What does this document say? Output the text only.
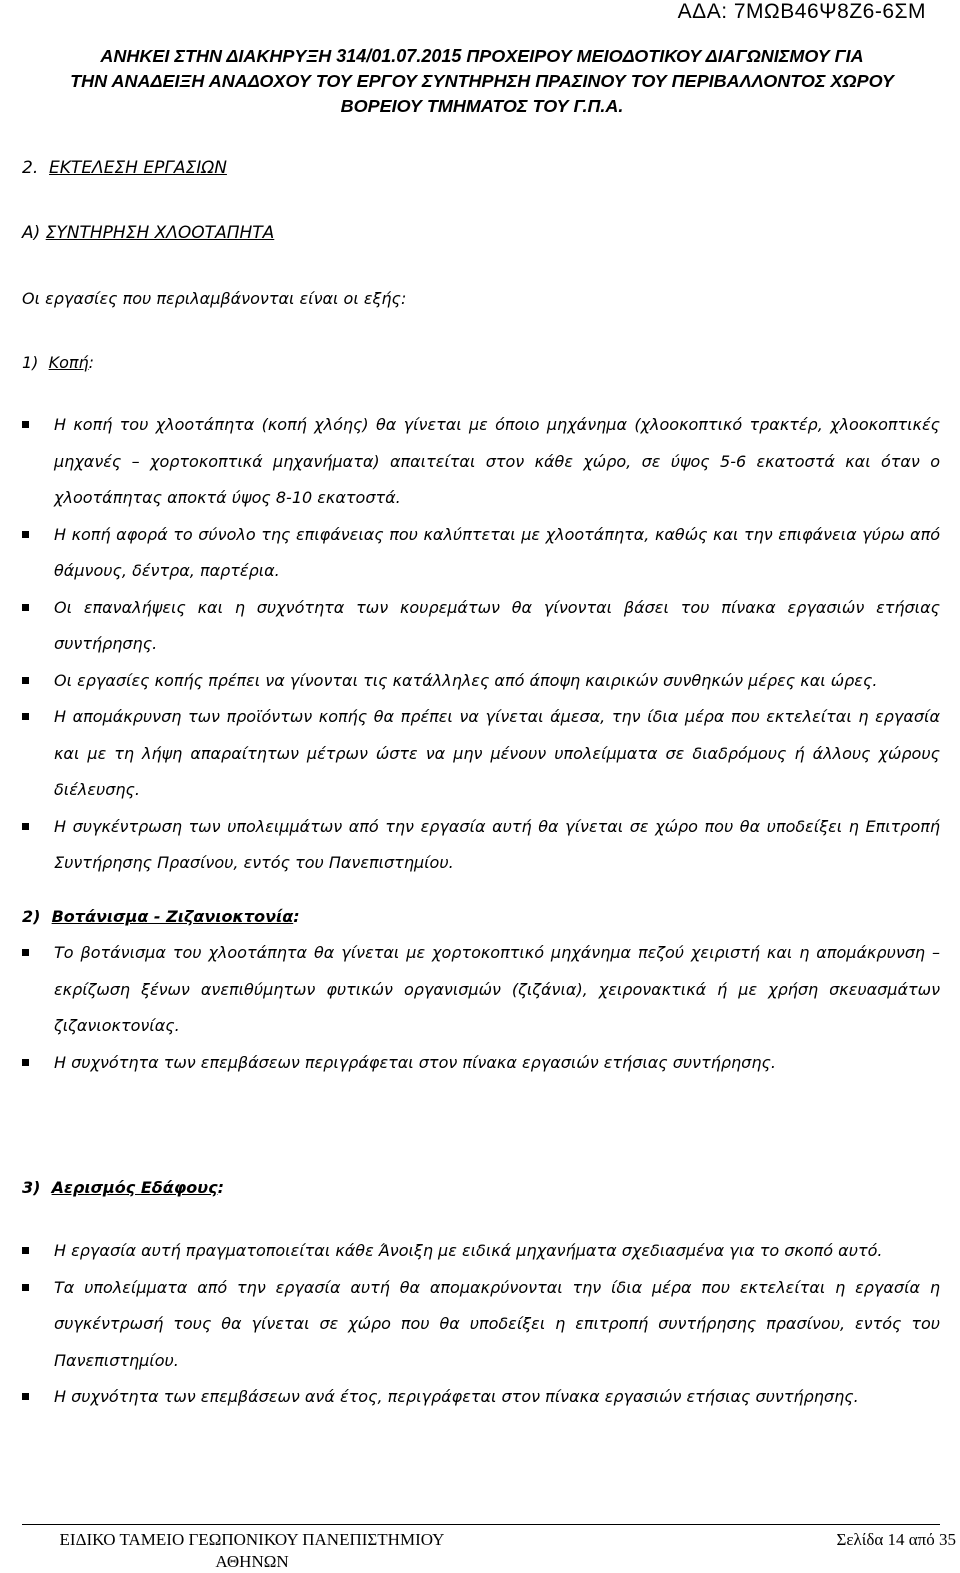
ΑΔΑ: 7ΜΩΒ46Ψ8Ζ6-6ΣΜ
ΑΝΗΚΕΙ ΣΤΗΝ ΔΙΑΚΗΡΥΞΗ 314/01.07.2015 ΠΡΟΧΕΙΡΟΥ ΜΕΙΟΔΟΤΙΚΟΥ ΔΙΑΓΩΝΙΣΜΟΥ ΓΙΑ
ΤΗΝ ΑΝΑΔΕΙΞΗ ΑΝΑΔΟΧΟΥ ΤΟΥ ΕΡΓΟΥ ΣΥΝΤΗΡΗΣΗ ΠΡΑΣΙΝΟΥ ΤΟΥ ΠΕΡΙΒΑΛΛΟΝΤΟΣ ΧΩΡΟΥ
ΒΟΡΕΙΟΥ ΤΜΗΜΑΤΟΣ ΤΟΥ Γ.Π.Α.
2. ΕΚΤΕΛΕΣΗ ΕΡΓΑΣΙΩΝ
Α) ΣΥΝΤΗΡΗΣΗ ΧΛΟΟΤΑΠΗΤΑ
Οι εργασίες που περιλαμβάνονται είναι οι εξής:
1) Κοπή:
Η κοπή του χλοοτάπητα (κοπή χλόης) θα γίνεται με όποιο μηχάνημα (χλοοκοπτικό τρακτέρ, χλοοκοπτικές μηχανές – χορτοκοπτικά μηχανήματα) απαιτείται στον κάθε χώρο, σε ύψος 5-6 εκατοστά και όταν ο χλοοτάπητας αποκτά ύψος 8-10 εκατοστά.
Η κοπή αφορά το σύνολο της επιφάνειας που καλύπτεται με χλοοτάπητα, καθώς και την επιφάνεια γύρω από θάμνους, δέντρα, παρτέρια.
Οι επαναλήψεις και η συχνότητα των κουρεμάτων θα γίνονται βάσει του πίνακα εργασιών ετήσιας συντήρησης.
Οι εργασίες κοπής πρέπει να γίνονται τις κατάλληλες από άποψη καιρικών συνθηκών μέρες και ώρες.
Η απομάκρυνση των προϊόντων κοπής θα πρέπει να γίνεται άμεσα, την ίδια μέρα που εκτελείται η εργασία και με τη λήψη απαραίτητων μέτρων ώστε να μην μένουν υπολείμματα σε διαδρόμους ή άλλους χώρους διέλευσης.
Η συγκέντρωση των υπολειμμάτων από την εργασία αυτή θα γίνεται σε χώρο που θα υποδείξει η Επιτροπή Συντήρησης Πρασίνου, εντός του Πανεπιστημίου.
2) Βοτάνισμα - Ζιζανιοκτονία:
Το βοτάνισμα του χλοοτάπητα θα γίνεται με χορτοκοπτικό μηχάνημα πεζού χειριστή και η απομάκρυνση – εκρίζωση ξένων ανεπιθύμητων φυτικών οργανισμών (ζιζάνια), χειρονακτικά ή με χρήση σκευασμάτων ζιζανιοκτονίας.
Η συχνότητα των επεμβάσεων περιγράφεται στον πίνακα εργασιών ετήσιας συντήρησης.
3) Αερισμός Εδάφους:
Η εργασία αυτή πραγματοποιείται κάθε Άνοιξη με ειδικά μηχανήματα σχεδιασμένα για το σκοπό αυτό.
Τα υπολείμματα από την εργασία αυτή θα απομακρύνονται την ίδια μέρα που εκτελείται η εργασία η συγκέντρωσή τους θα γίνεται σε χώρο που θα υποδείξει η επιτροπή συντήρησης πρασίνου, εντός του Πανεπιστημίου.
Η συχνότητα των επεμβάσεων ανά έτος, περιγράφεται στον πίνακα εργασιών ετήσιας συντήρησης.
ΕΙΔΙΚΟ ΤΑΜΕΙΟ ΓΕΩΠΟΝΙΚΟΥ ΠΑΝΕΠΙΣΤΗΜΙΟΥ
ΑΘΗΝΩΝ
Σελίδα 14 από 35
